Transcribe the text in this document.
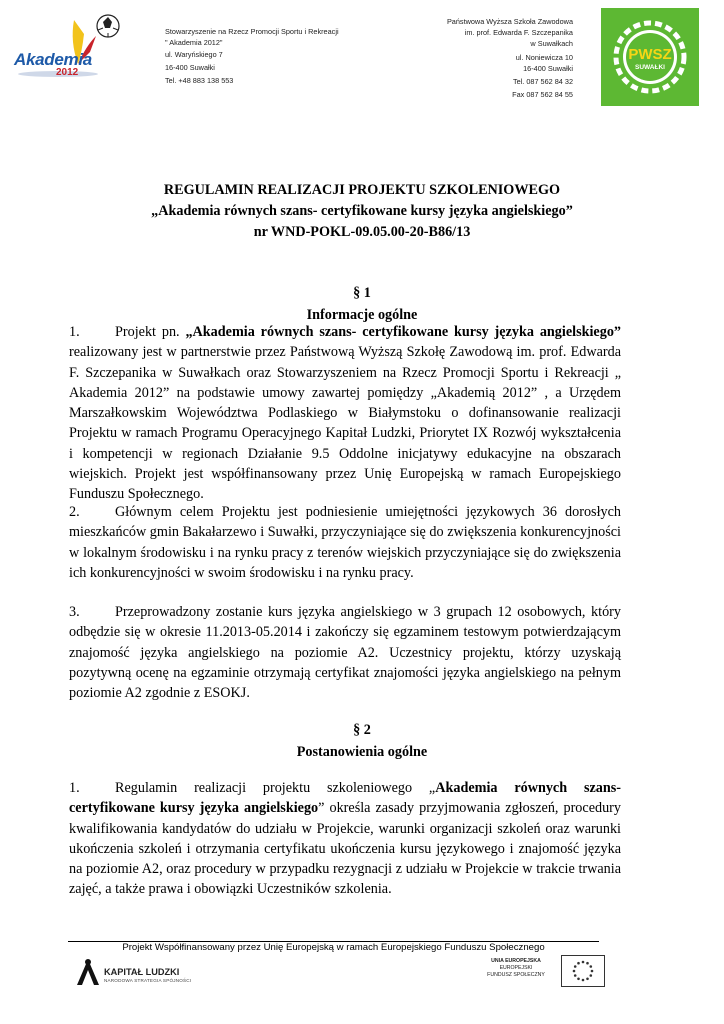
Akademia
2012
Stowarzyszenie na Rzecz Promocji Sportu i Rekreacji
" Akademia 2012"
ul. Waryńskiego 7
16-400 Suwałki
Tel. +48 883 138 553
Państwowa Wyższa Szkoła Zawodowa
im. prof. Edwarda F. Szczepanika
w Suwałkach
ul. Noniewicza 10
16-400 Suwałki
Tel. 087 562 84 32
Fax 087 562 84 55
PWSZ
SUWAŁKI
REGULAMIN REALIZACJI PROJEKTU SZKOLENIOWEGO
„Akademia równych szans- certyfikowane kursy języka angielskiego”
nr WND-POKL-09.05.00-20-B86/13
§ 1
Informacje ogólne
1. Projekt pn. „Akademia równych szans- certyfikowane kursy języka angielskiego” realizowany jest w partnerstwie przez Państwową Wyższą Szkołę Zawodową im. prof. Edwarda F. Szczepanika w Suwałkach oraz Stowarzyszeniem na Rzecz Promocji Sportu i Rekreacji „ Akademia 2012” na podstawie umowy zawartej pomiędzy „Akademią 2012” , a Urzędem Marszałkowskim Województwa Podlaskiego w Białymstoku o dofinansowanie realizacji Projektu w ramach Programu Operacyjnego Kapitał Ludzki, Priorytet IX Rozwój wykształcenia i kompetencji w regionach Działanie 9.5 Oddolne inicjatywy edukacyjne na obszarach wiejskich. Projekt jest współfinansowany przez Unię Europejską w ramach Europejskiego Funduszu Społecznego.
2. Głównym celem Projektu jest podniesienie umiejętności językowych 36 dorosłych mieszkańców gmin Bakałarzewo i Suwałki, przyczyniające się do zwiększenia konkurencyjności w lokalnym środowisku i na rynku pracy z terenów wiejskich przyczyniające się do zwiększenia ich konkurencyjności w swoim środowisku i na rynku pracy.
3. Przeprowadzony zostanie kurs języka angielskiego w 3 grupach 12 osobowych, który odbędzie się w okresie 11.2013-05.2014 i zakończy się egzaminem testowym potwierdzającym znajomość języka angielskiego na poziomie A2. Uczestnicy projektu, którzy uzyskają pozytywną ocenę na egzaminie otrzymają certyfikat znajomości języka angielskiego na pełnym poziomie A2 zgodnie z ESOKJ.
§ 2
Postanowienia ogólne
1. Regulamin realizacji projektu szkoleniowego „Akademia równych szans- certyfikowane kursy języka angielskiego” określa zasady przyjmowania zgłoszeń, procedury kwalifikowania kandydatów do udziału w Projekcie, warunki organizacji szkoleń oraz warunki ukończenia szkoleń i otrzymania certyfikatu ukończenia kursu językowego i znajomość języka na poziomie A2, oraz procedury w przypadku rezygnacji z udziału w Projekcie w trakcie trwania zajęć, a także prawa i obowiązki Uczestników szkolenia.
Projekt Współfinansowany przez Unię Europejską w ramach Europejskiego Funduszu Społecznego
KAPITAŁ LUDZKI
NARODOWA STRATEGIA SPÓJNOŚCI
UNIA EUROPEJSKA
EUROPEJSKI
FUNDUSZ SPOŁECZNY
